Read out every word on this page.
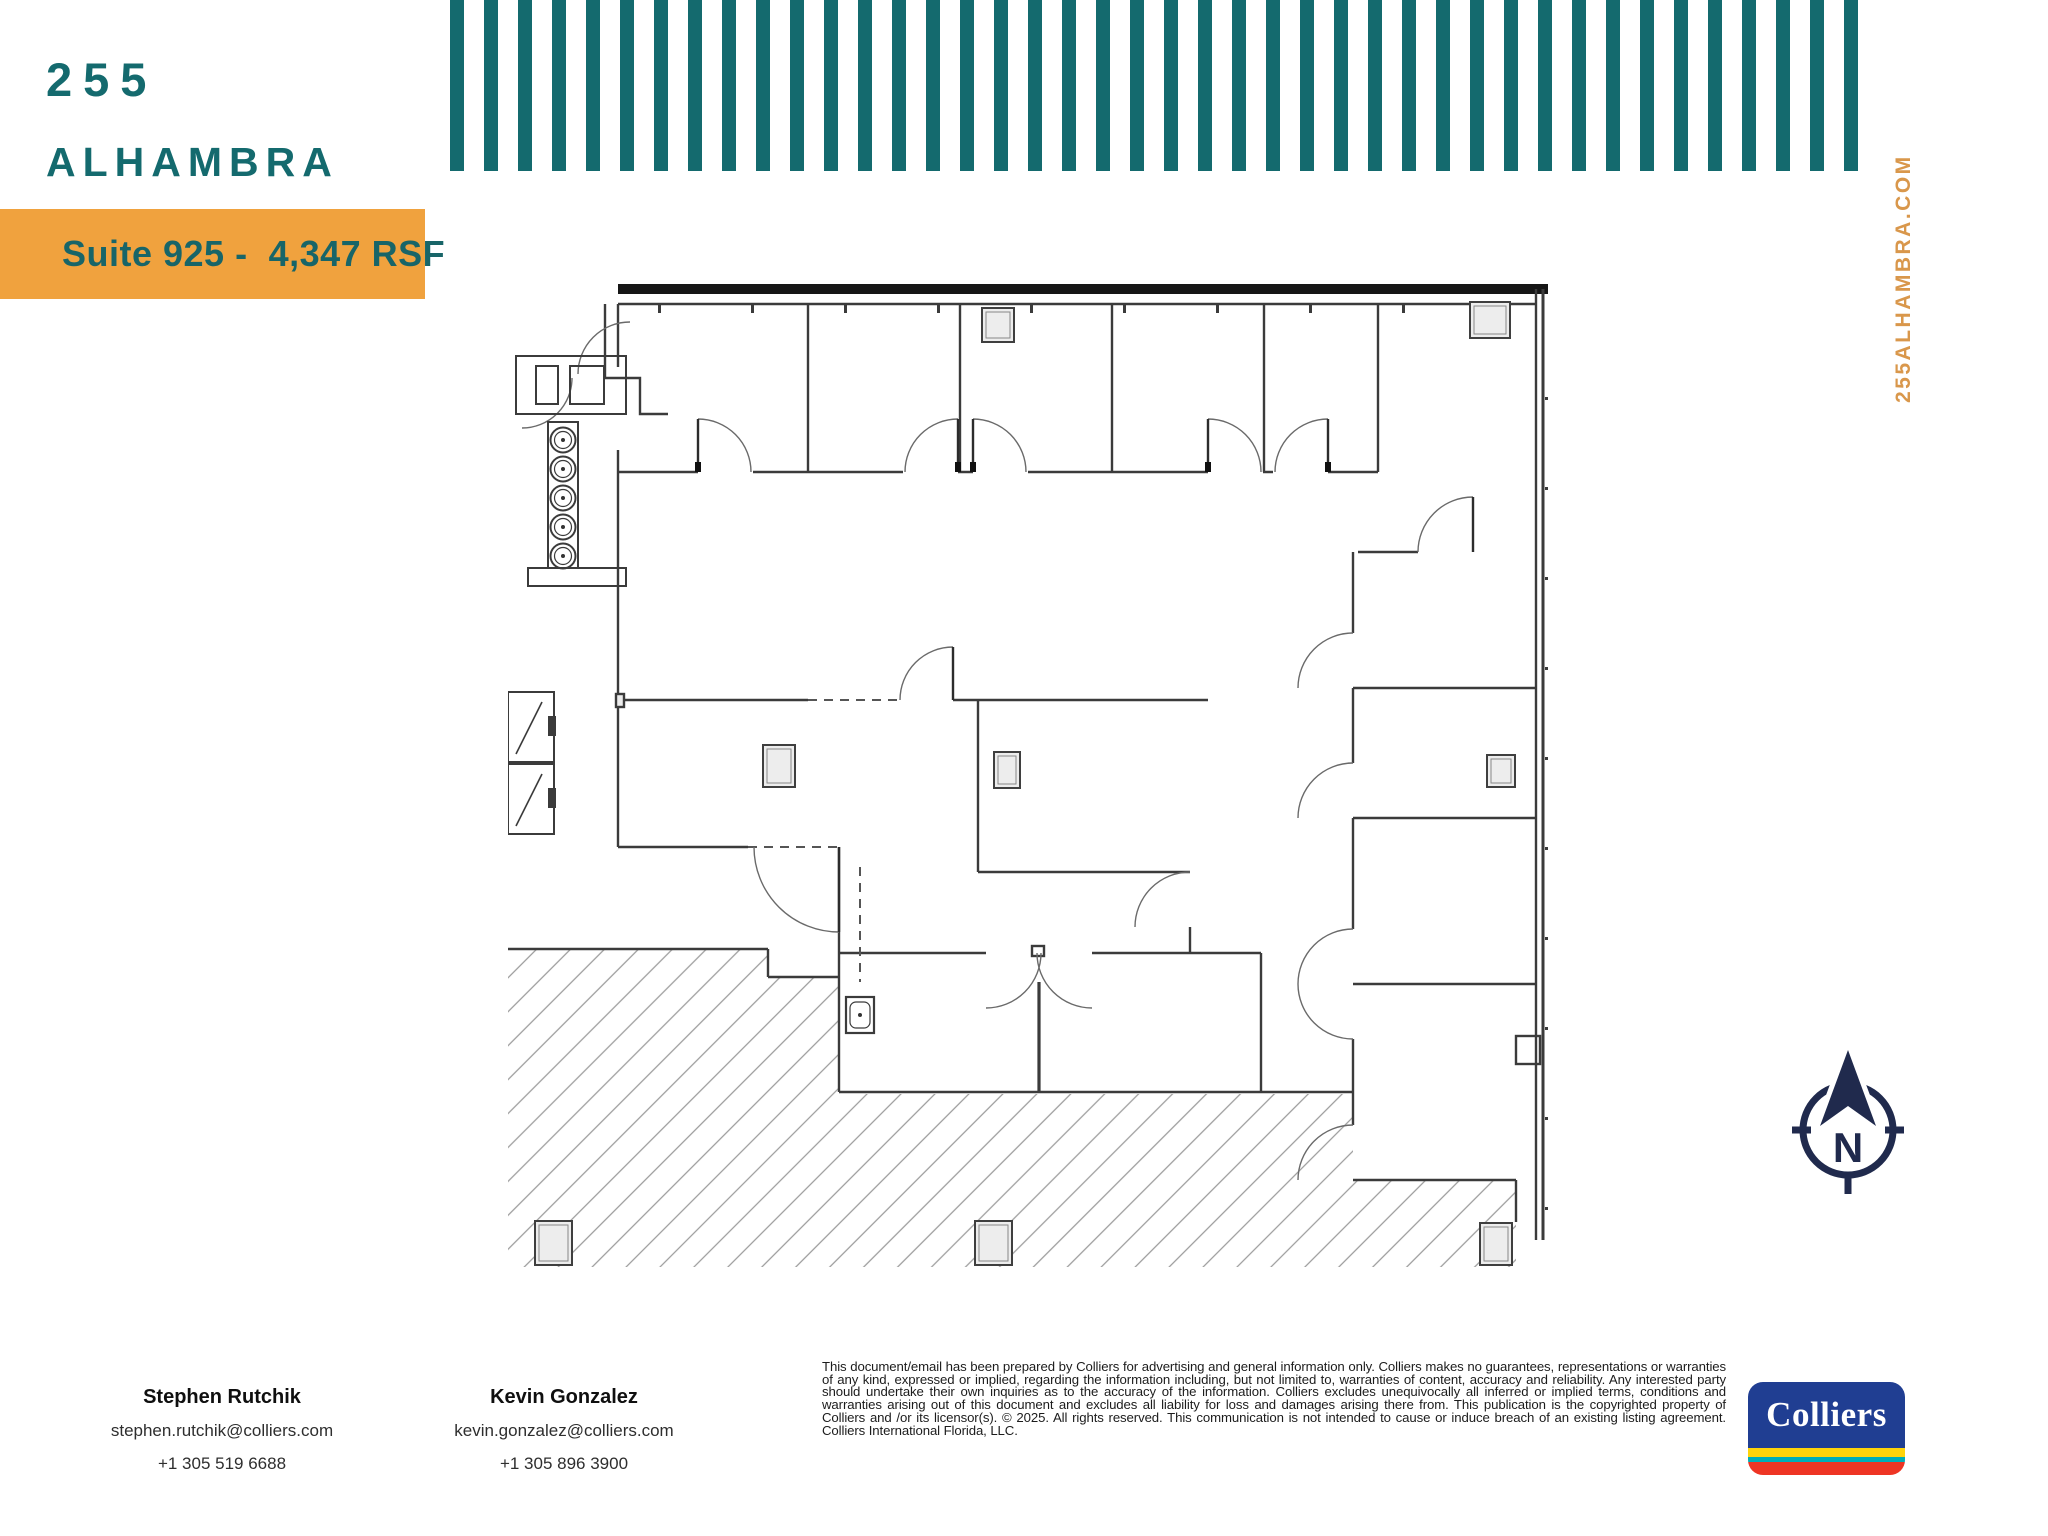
255
ALHAMBRA
Suite 925 -  4,347 RSF	255ALHAMBRA.COM
N
Stephen Rutchik
stephen.rutchik@colliers.com
+1 305 519 6688
Kevin Gonzalez
kevin.gonzalez@colliers.com
+1 305 896 3900
This document/email has been prepared by Colliers for advertising and general information only. Colliers makes no guarantees, representations or warranties of any kind, expressed or implied, regarding the information including, but not limited to, warranties of content, accuracy and reliability. Any interested party should undertake their own inquiries as to the accuracy of the information. Colliers excludes unequivocally all inferred or implied terms, conditions and warranties arising out of this document and excludes all liability for loss and damages arising there from. This publication is the copyrighted property of Colliers and /or its licensor(s). © 2025. All rights reserved. This communication is not intended to cause or induce breach of an existing listing agreement. Colliers International Florida, LLC.	Colliers
